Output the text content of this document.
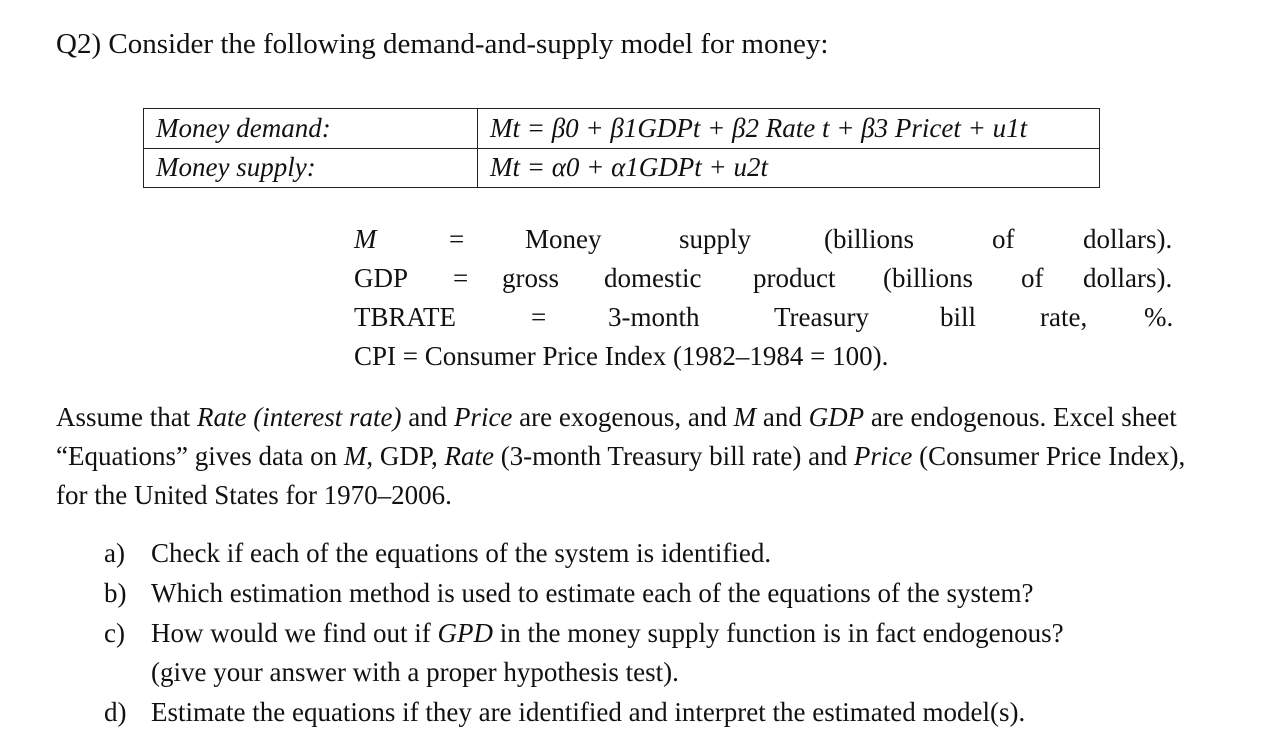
Q2) Consider the following demand-and-supply model for money:
Money demand:	Mt = β0 + β1GDPt + β2 Rate t + β3 Pricet + u1t
Money supply:	Mt = α0 + α1GDPt + u2t
M	= Money	supply	(billions	of	dollars).
GDP = gross domestic product (billions of dollars).
TBRATE	= 3-month	Treasury	bill rate, %.
CPI = Consumer Price Index (1982–1984 = 100).
Assume that Rate (interest rate) and Price are exogenous, and M and GDP are endogenous. Excel sheet “Equations” gives data on M, GDP, Rate (3-month Treasury bill rate) and Price (Consumer Price Index), for the United States for 1970–2006.
a) Check if each of the equations of the system is identified.
b) Which estimation method is used to estimate each of the equations of the system?
c) How would we find out if GPD in the money supply function is in fact endogenous?
(give your answer with a proper hypothesis test).
d) Estimate the equations if they are identified and interpret the estimated model(s).
